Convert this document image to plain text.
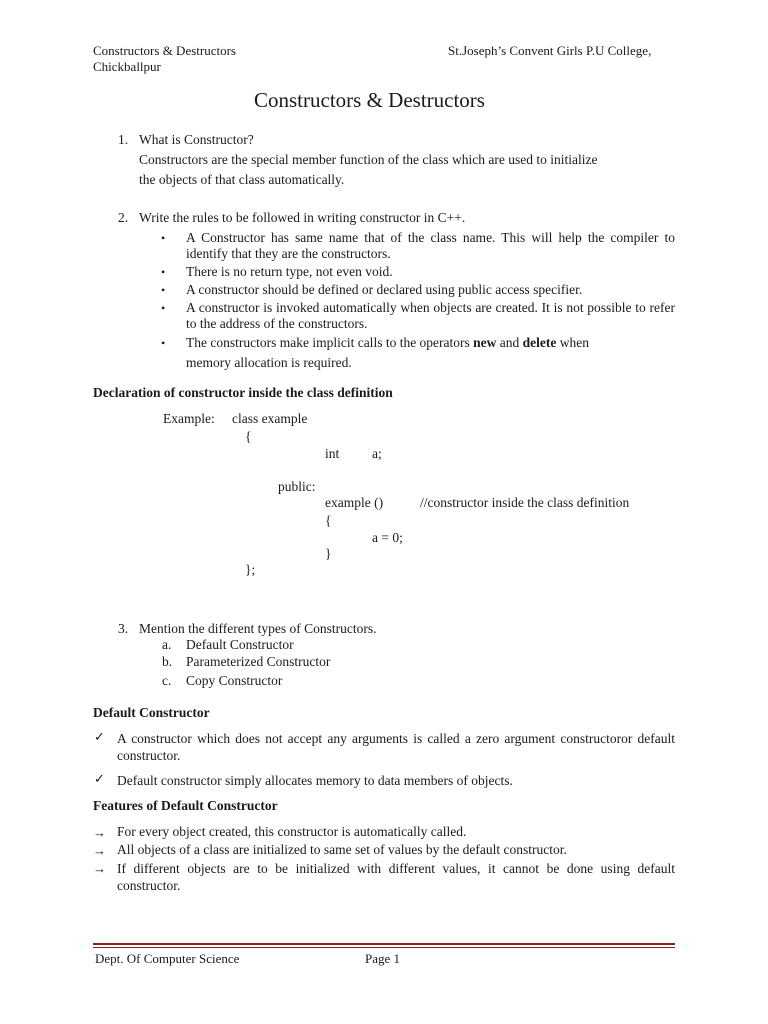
Constructors & Destructors	St.Joseph’s Convent Girls P.U College,
Chickballpur
Constructors & Destructors
1. What is Constructor?
Constructors are the special member function of the class which are used to initialize
the objects of that class automatically.
2. Write the rules to be followed in writing constructor in C++.
• A Constructor has same name that of the class name. This will help the compiler to identify that they are the constructors.
• There is no return type, not even void.
• A constructor should be defined or declared using public access specifier.
• A constructor is invoked automatically when objects are created. It is not possible to refer to the address of the constructors.
• The constructors make implicit calls to the operators new and delete when
memory allocation is required.
Declaration of constructor inside the class definition
Example: class example
{
int a;
public:
example ()	//constructor inside the class definition
{
a = 0;
}
};
3. Mention the different types of Constructors.
a. Default Constructor
b. Parameterized Constructor
c. Copy Constructor
Default Constructor
✓ A constructor which does not accept any arguments is called a zero argument constructoror default constructor.
✓ Default constructor simply allocates memory to data members of objects.
Features of Default Constructor
→ For every object created, this constructor is automatically called.
→ All objects of a class are initialized to same set of values by the default constructor.
→ If different objects are to be initialized with different values, it cannot be done using default constructor.
Dept. Of Computer Science	Page 1
